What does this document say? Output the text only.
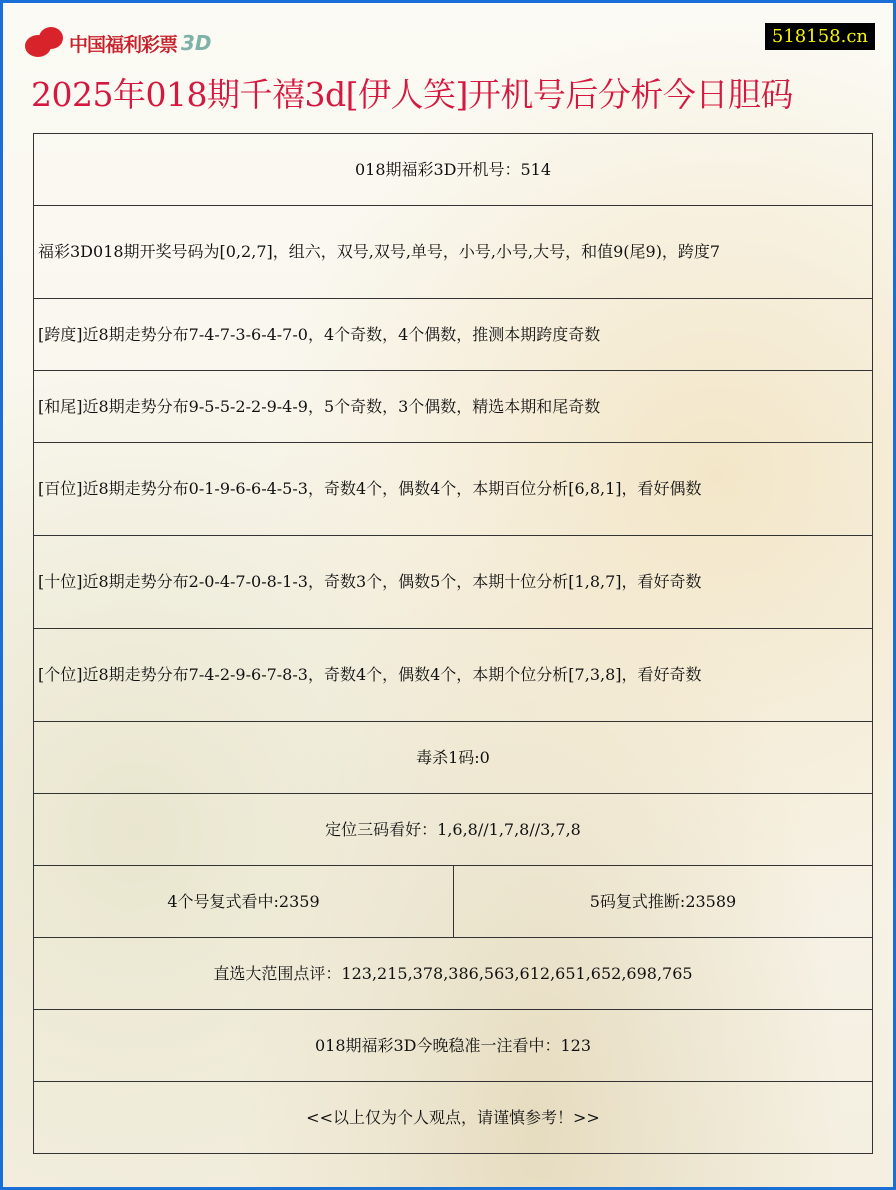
中国福利彩票 3D	518158.cn
2025年018期千禧3d[伊人笑]开机号后分析今日胆码
018期福彩3D开机号：514
福彩3D018期开奖号码为[0,2,7]，组六，双号,双号,单号，小号,小号,大号，和值9(尾9)，跨度7
[跨度]近8期走势分布7-4-7-3-6-4-7-0，4个奇数，4个偶数，推测本期跨度奇数
[和尾]近8期走势分布9-5-5-2-2-9-4-9，5个奇数，3个偶数，精选本期和尾奇数
[百位]近8期走势分布0-1-9-6-6-4-5-3，奇数4个，偶数4个，本期百位分析[6,8,1]，看好偶数
[十位]近8期走势分布2-0-4-7-0-8-1-3，奇数3个，偶数5个，本期十位分析[1,8,7]，看好奇数
[个位]近8期走势分布7-4-2-9-6-7-8-3，奇数4个，偶数4个，本期个位分析[7,3,8]，看好奇数
毒杀1码:0
定位三码看好：1,6,8//1,7,8//3,7,8
4个号复式看中:2359	5码复式推断:23589
直选大范围点评：123,215,378,386,563,612,651,652,698,765
018期福彩3D今晚稳准一注看中：123
<<以上仅为个人观点，请谨慎参考！>>
